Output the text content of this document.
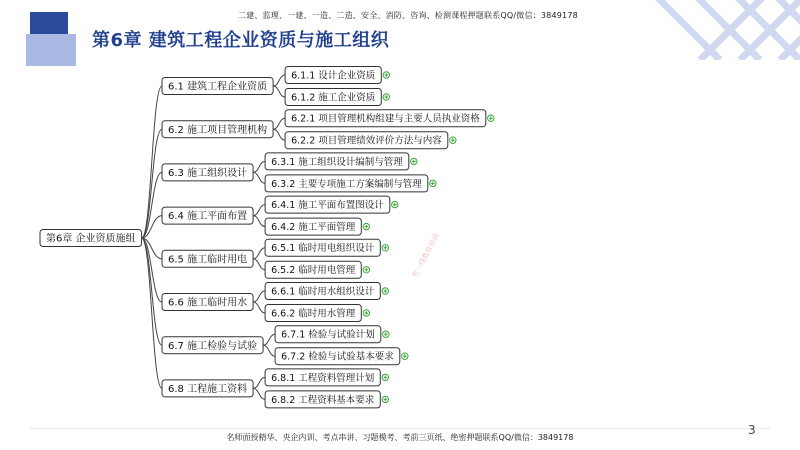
二建、监理、一建、一造、二造、安全、消防、咨询、检测课程押题联系QQ/微信：3849178
第6章 建筑工程企业资质与施工组织
第6章 企业资质施组
6.1 建筑工程企业资质
6.1.1 设计企业资质
6.1.2 施工企业资质
6.2 施工项目管理机构
6.2.1 项目管理机构组建与主要人员执业资格
6.2.2 项目管理绩效评价方法与内容
6.3 施工组织设计
6.3.1 施工组织设计编制与管理
6.3.2 主要专项施工方案编制与管理
6.4 施工平面布置
6.4.1 施工平面布置图设计
6.4.2 施工平面管理
6.5 施工临时用电
6.5.1 临时用电组织设计
6.5.2 临时用电管理
6.6 施工临时用水
6.6.1 临时用水组织设计
6.6.2 临时用水管理
6.7 施工检验与试验
6.7.1 检验与试验计划
6.7.2 检验与试验基本要求
6.8 工程施工资料
6.8.1 工程资料管理计划
6.8.2 工程资料基本要求
考一线教育培训
名师面授精华、央企内训、考点串讲、习题模考、考前三页纸、绝密押题联系QQ/微信：3849178
3
